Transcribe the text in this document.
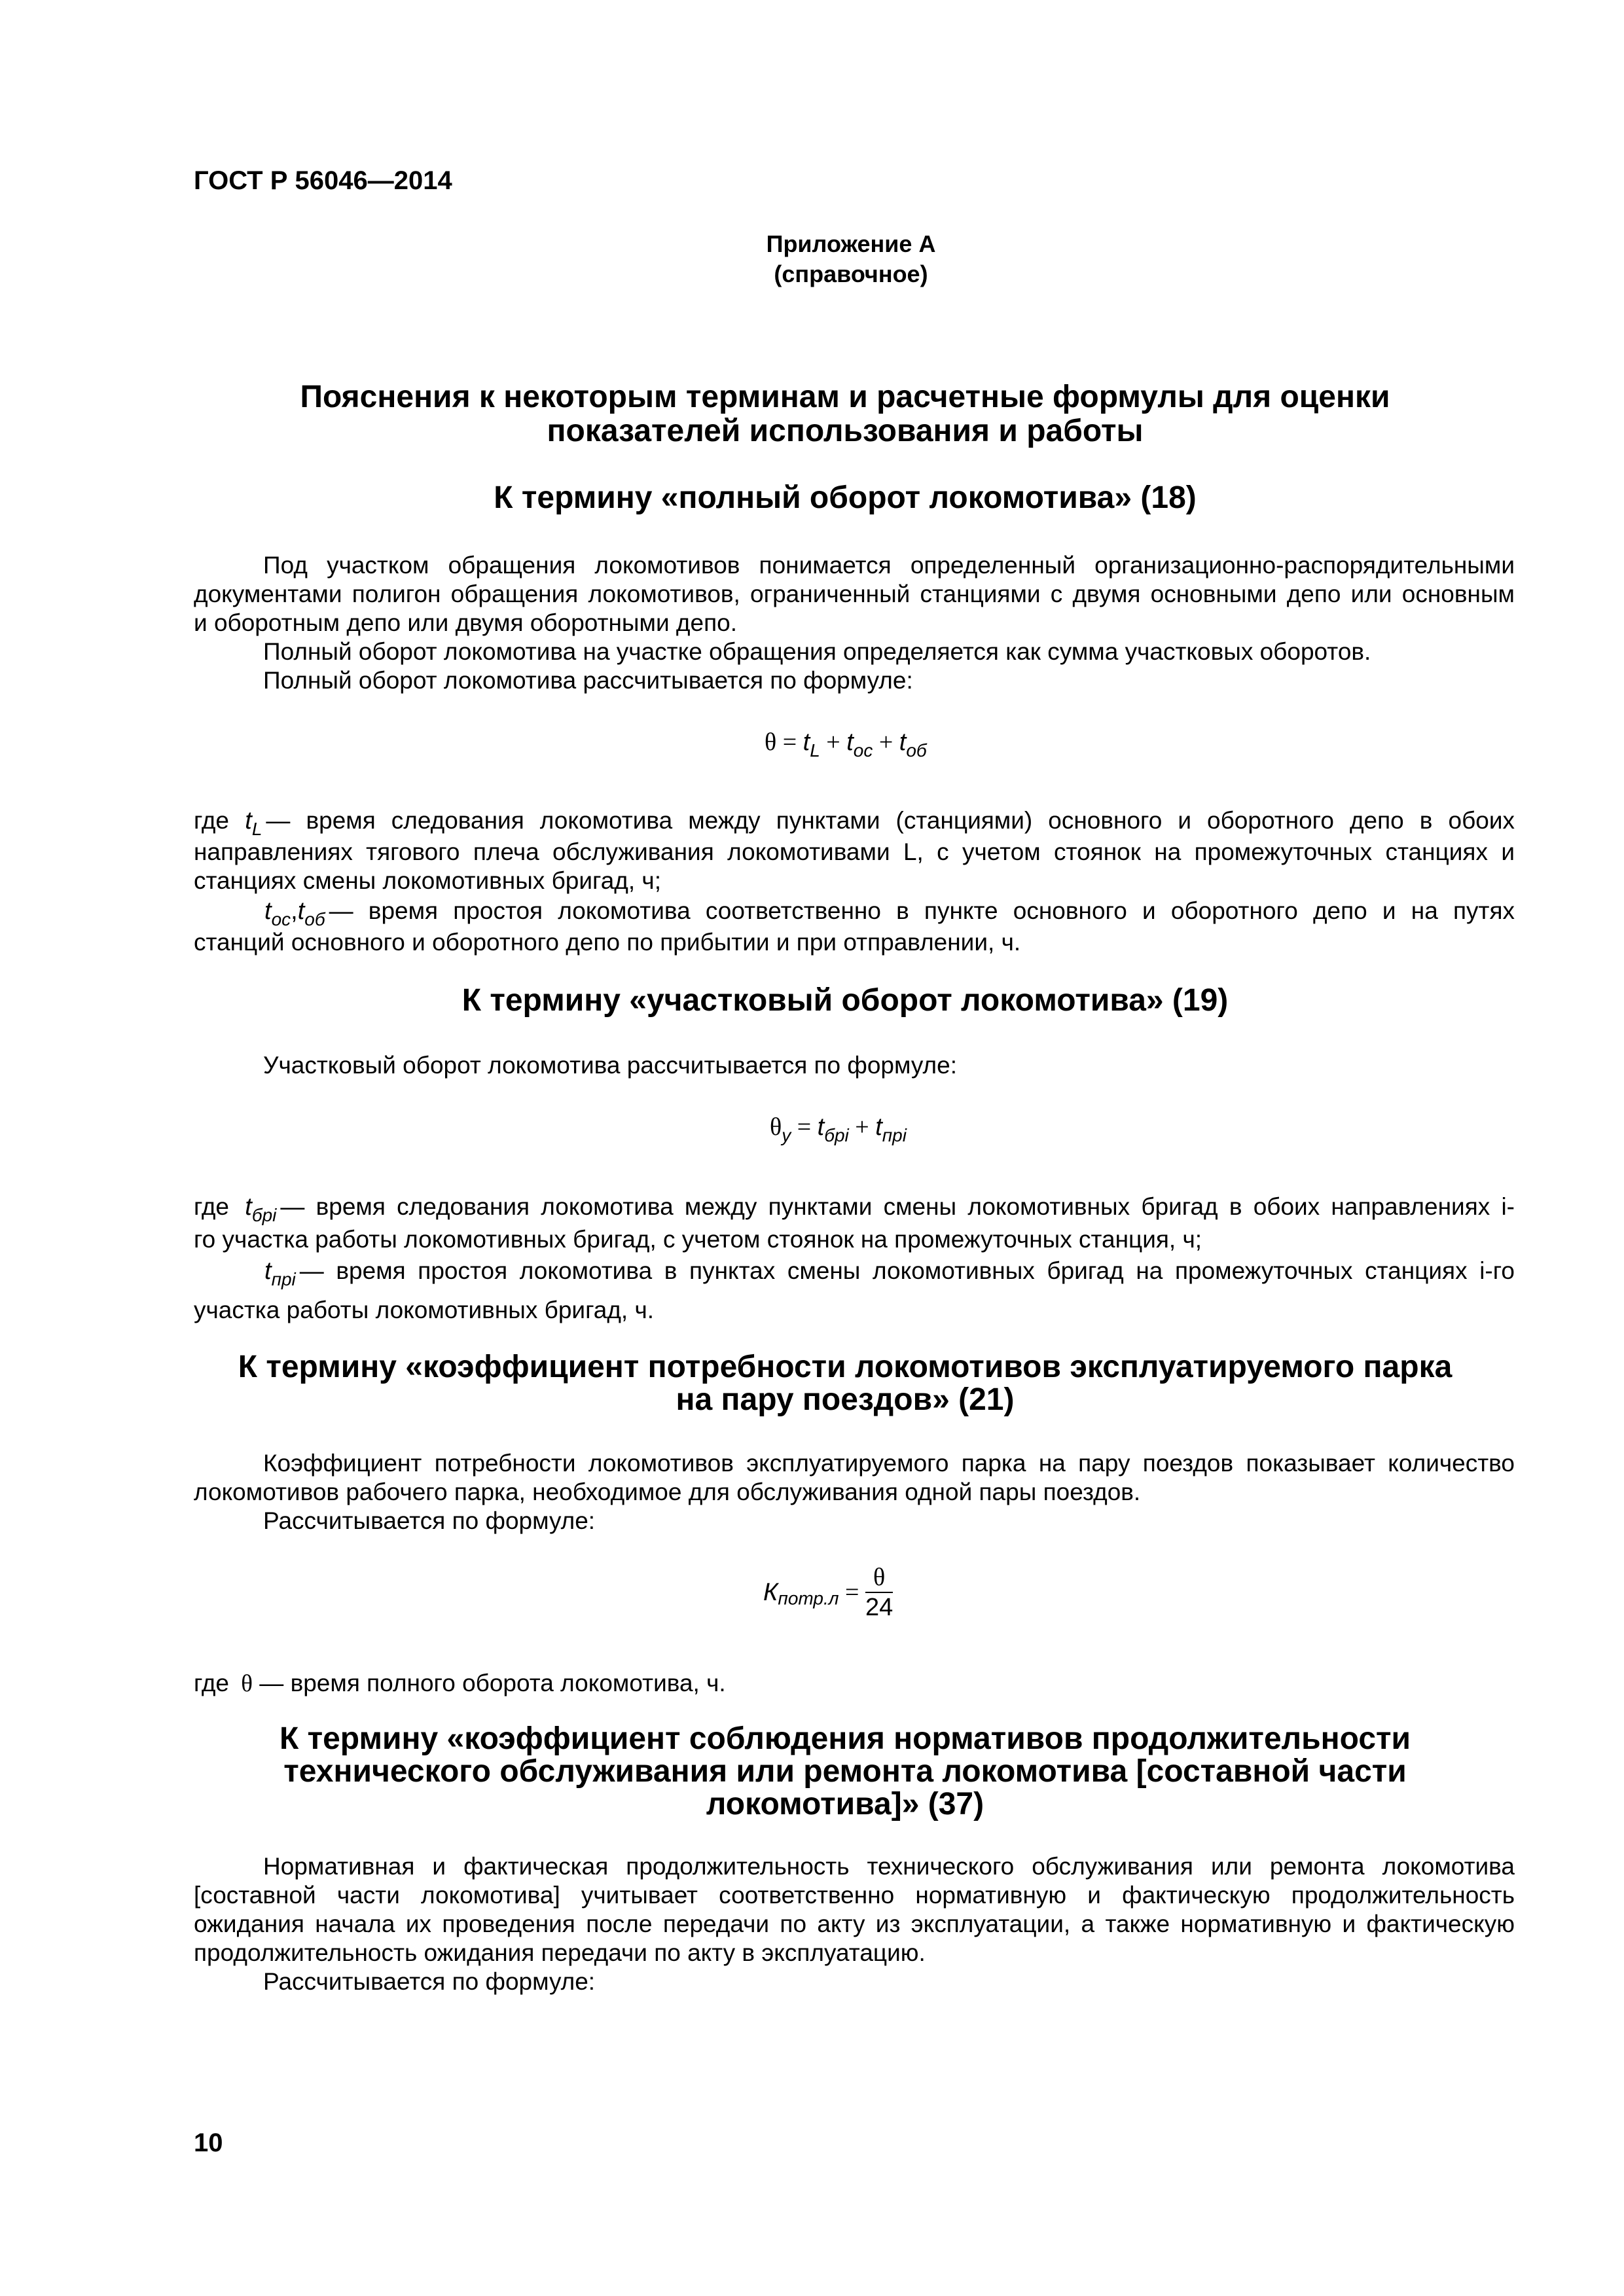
ГОСТ Р 56046—2014
Приложение А
(справочное)
Пояснения к некоторым терминам и расчетные формулы для оценки
показателей использования и работы
К термину «полный оборот локомотива» (18)
Под участком обращения локомотивов понимается определенный организационно-распорядительными
документами полигон обращения локомотивов, ограниченный станциями с двумя основными депо или основным
и оборотным депо или двумя оборотными депо.
Полный оборот локомотива на участке обращения определяется как сумма участковых оборотов.
Полный оборот локомотива рассчитывается по формуле:
$\theta = t_L + t_{ос} + t_{об}$
где $t_L$ — время следования локомотива между пунктами (станциями) основного и оборотного депо в обоих
направлениях тягового плеча обслуживания локомотивами L, с учетом стоянок на промежуточных станциях и
станциях смены локомотивных бригад, ч;
$t_{ос},t_{об}$ — время простоя локомотива соответственно в пункте основного и оборотного депо и на путях
станций основного и оборотного депо по прибытии и при отправлении, ч.
К термину «участковый оборот локомотива» (19)
Участковый оборот локомотива рассчитывается по формуле:
$\theta_у = t_{брi} + t_{прi}$
где $t_{брi}$ — время следования локомотива между пунктами смены локомотивных бригад в обоих направлениях i-
го участка работы локомотивных бригад, с учетом стоянок на промежуточных станция, ч;
$t_{прi}$ — время простоя локомотива в пунктах смены локомотивных бригад на промежуточных станциях i-го
участка работы локомотивных бригад, ч.
К термину «коэффициент потребности локомотивов эксплуатируемого парка
на пару поездов» (21)
Коэффициент потребности локомотивов эксплуатируемого парка на пару поездов показывает количество
локомотивов рабочего парка, необходимое для обслуживания одной пары поездов.
Рассчитывается по формуле:
$К_{потр.л} = \frac{\theta}{24}$
где θ — время полного оборота локомотива, ч.
К термину «коэффициент соблюдения нормативов продолжительности
технического обслуживания или ремонта локомотива [составной части
локомотива]» (37)
Нормативная и фактическая продолжительность технического обслуживания или ремонта локомотива
[составной части локомотива] учитывает соответственно нормативную и фактическую продолжительность
ожидания начала их проведения после передачи по акту из эксплуатации, а также нормативную и фактическую
продолжительность ожидания передачи по акту в эксплуатацию.
Рассчитывается по формуле:
10
